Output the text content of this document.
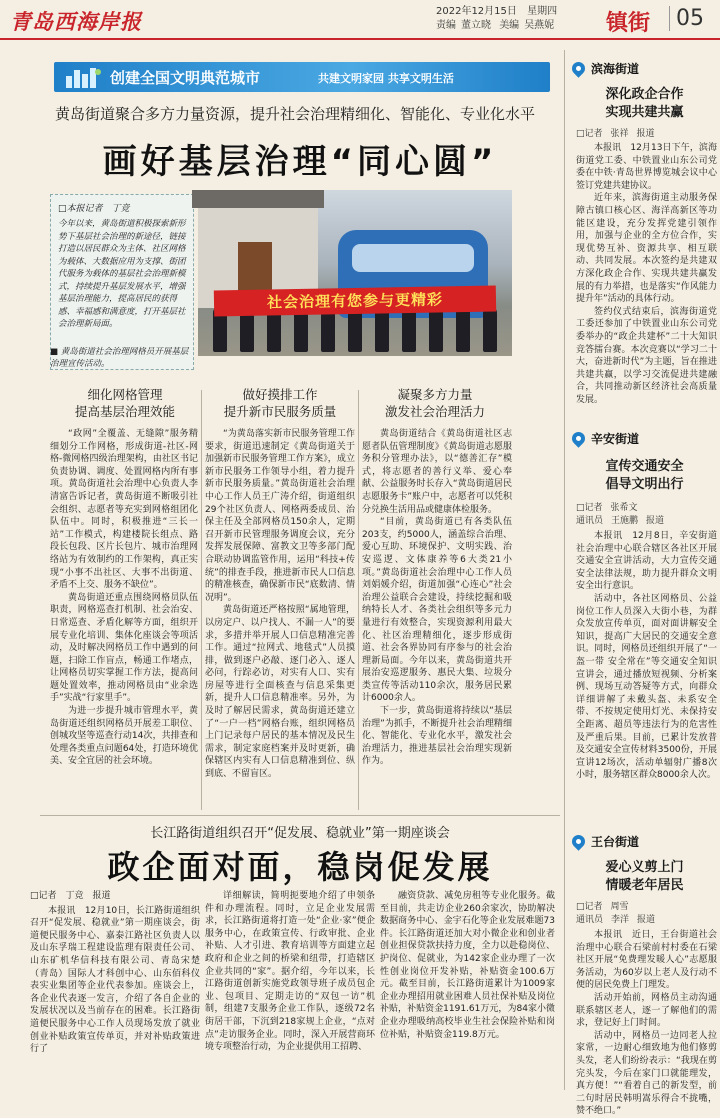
青岛西海岸报	2022年12月15日 星期四
责编 董立晓 美编 吴燕妮	镇街	05
创建全国文明典范城市	共建文明家园 共享文明生活
黄岛街道聚合多方力量资源，提升社会治理精细化、智能化、专业化水平
画好基层治理“同心圆”
□本报记者　丁竞
今年以来，黄岛街道积极探索新形势下基层社会治理的新途径，链接打造以居民群众为主体、社区网格为载体、大数据应用为支撑、街团代服务为载体的基层社会治理新模式，持续提升基层发展水平，增强基层治理能力，提高居民的获得感、幸福感和满意度，打开基层社会治理新局面。
社会治理有您参与更精彩
■ 黄岛街道社会治理网格员开展基层治理宣传活动。
细化网格管理
提高基层治理效能
做好摸排工作
提升新市民服务质量
凝聚多方力量
激发社会治理活力

“政网”全覆盖、无缝隙”服务精细划分工作网格，形成街道-社区-网格-微网格四级治理架构，由社区书记负责协调、调度、处置网格内所有事项。黄岛街道社会治理中心负责人李清富告诉记者，黄岛街道不断吸引社会组织、志愿者等充实到网格组团化队伍中。同时，积极推进“三长一站”工作模式，构建楼院长组点、路段长包段、区片长包片、城市治理网络站为有效制约的工作架构，真正实现“小事不出社区、大事不出街道、矛盾不上交、服务不缺位”。

黄岛街道还重点围绕网格员队伍职责，网格巡查打机制、社会治安、日常巡查、矛盾化解等方面，组织开展专业化培训、集体化座谈会等项活动，及时解决网格员工作中遇到的问题，扫除工作盲点，畅通工作堵点，让网格员切实掌握工作方法，提高问题处置效率，推动网格员由“业余选手”实战“行家里手”。

为进一步提升城市管理水平，黄岛街道还组织网格员开展差工职位、创城攻坚等巡查行动14次，共排查和处理各类重点问题64处，打造环境优美、安全宜居的社会环境。

“为黄岛落实新市民服务管理工作要求，街道迅速制定《黄岛街道关于加强新市民服务管理工作方案》，成立新市民服务工作领导小组，着力提升新市民服务质量。”黄岛街道社会治理中心工作人员王广涛介绍，街道组织29个社区负责人、网格两委成员、治保主任及全部网格员150余人，定期召开新市民管理服务调度会议，充分发挥发展保障、富教文卫等多部门配合联动协调监管作用，运用“科技+传统”的排查手段，推进新市民人口信息的精准核查，确保新市民“底数清、情况明”。

黄岛街道还严格按照“属地管理，以房定户、以户找人、不漏一人”的要求，多措并举开展人口信息精准完善工作。通过“拉网式、地毯式”人员摸排，做到逐户必敲、逐门必入、逐人必问，行踪必访，对实有人口、实有房屋等进行全面核查与信息采集更新，提升人口信息精准率。另外，为及时了解居民需求，黄岛街道还建立了“一户一档”网格台账，组织网格员上门记录每户居民的基本情况及民生需求，制定家庭档案并及时更新，确保辖区内实有人口信息精准到位、纵到底、不留盲区。

黄岛街道结合《黄岛街道社区志愿者队伍管理制度》《黄岛街道志愿服务积分管理办法》，以“德善汇存”模式，将志愿者的善行义举、爱心奉献、公益服务时长存入“黄岛街道居民志愿服务卡”账户中，志愿者可以凭积分兑换生活用品或健康体检服务。

“目前，黄岛街道已有各类队伍203支，约5000人，涵盖综合治理、爱心互助、环境保护、文明实践、治安巡逻、文体康养等6大类21小项。”黄岛街道社会治理中心工作人员刘娟媛介绍，街道加强“心连心”社会治理公益联合会建设，持续挖掘和吸纳特长人才、各类社会组织等多元力量进行有效整合，实现资源利用最大化、社区治理精细化，逐步形成街道、社会各界协同有序参与的社会治理新局面。今年以来，黄岛街道共开展治安巡逻服务、惠民大集、垃圾分类宣传等活动110余次，服务居民累计6000余人。

下一步，黄岛街道将持续以“基层治理”为抓手，不断提升社会治理精细化、智能化、专业化水平，激发社会治理活力，推进基层社会治理实现新作为。

长江路街道组织召开“促发展、稳就业”第一期座谈会
政企面对面，稳岗促发展
□记者　丁竞　报道

本报讯　12月10日，长江路街道组织召开“促发展、稳就业”第一期座谈会，街道便民服务中心、嘉泰江路社区负责人以及山东孚瑞工程建设监理有限责任公司、山东矿机华信科技有限公司、青岛宋楚（青岛）国际人才科创中心、山东佰科仪表实业集团等企业代表参加。座谈会上，各企业代表逐一发言，介绍了各自企业的发展状况以及当前存在的困难。长江路街道便民服务中心工作人员现场发放了就业创业补贴政策宣传单页，并对补贴政策进行了

详细解读，简明扼要地介绍了申领条件和办理流程。同时，立足企业发展需求，长江路街道将打造一处“企业·家”便企服务中心，在政策宣传、行政审批、企业补贴、人才引进、教育培训等方面建立起政府和企业之间的桥梁和纽带，打造辖区企业共同的“家”。据介绍，今年以来，长江路街道创新实施党政领导班子成员包企业、包项目、定期走访的“双包一访”机制，组建7支服务企业工作队，逐级72名街居干部，下沉到218家规上企业，“点对点”走访服务企业。同时，深入开展营商环境专项整治行动，为企业提供用工招聘、

融资贷款、减免房租等专业化服务。截至目前，共走访企业260余家次，协助解决数据商务中心、金宇石化等企业发展难题73件。长江路街道还加大对小微企业和创业者创业担保贷款扶持力度，全力以赴稳岗位、护岗位、促就业，为142家企业办理了一次性创业岗位开发补贴，补贴资金100.6万元。截至目前，长江路街道累计为1009家企业办理招用就业困难人员社保补贴及岗位补贴，补贴资金1191.61万元，为84家小微企业办理吸纳高校毕业生社会保险补贴和岗位补贴，补贴资金119.8万元。

滨海街道
深化政企合作
实现共建共赢
□记者 张祥 报道

本报讯　12月13日下午，滨海街道党工委、中铁置业山东公司党委在中铁·青岛世界博览城会议中心签订党建共建协议。

近年来，滨海街道主动服务保障古镇口核心区、海洋高新区等功能区建设，充分发挥党建引领作用，加强与企业的全方位合作，实现优势互补、资源共享、相互联动、共同发展。本次签约是共建双方深化政企合作、实现共建共赢发展的有力举措，也是落实“作风能力提升年”活动的具体行动。

签约仪式结束后，滨海街道党工委还参加了中铁置业山东公司党委举办的“政企共建杯”二十大知识竞答擂台赛。本次竞赛以“学习二十大，奋进新时代”为主题，旨在推进共建共赢，以学习交流促进共建融合，共同推动新区经济社会高质量发展。

辛安街道
宣传交通安全
倡导文明出行
□记者 张希文
通讯员 王施鹏 报道

本报讯　12月8日，辛安街道社会治理中心联合辖区各社区开展交通安全宣讲活动，大力宣传交通安全法律法规，助力提升群众文明安全出行意识。

活动中，各社区网格员、公益岗位工作人员深入大街小巷，为群众发放宣传单页，面对面讲解安全知识，提高广大居民的交通安全意识。同时，网格员还组织开展了“一盔一带 安全常在”等交通安全知识宣讲会，通过播放短视频、分析案例、现场互动答疑等方式，向群众详细讲解了未戴头盔、未系安全带、不按规定使用灯光、未保持安全距离、超员等违法行为的危害性及严重后果。目前，已累计发放普及交通安全宣传材料3500份，开展宣讲12场次，活动单辐射广播8次小时，服务辖区群众8000余人次。

王台街道
爱心义剪上门
情暖老年居民
□记者 周雪
通讯员 李洋 报道

本报讯　近日，王台街道社会治理中心联合石梁前村村委在石梁社区开展“免费理发暖人心”志愿服务活动，为60岁以上老人及行动不便的居民免费上门理发。

活动开始前，网格员主动沟通联系辖区老人，逐一了解他们的需求，登记好上门时间。

活动中，网格员一边同老人拉家常，一边耐心细致地为他们修剪头发，老人们纷纷表示：“我现在剪完头发，今后在家门口就能理发，真方便！”“看着自己的新发型，前二句时居民韩明嵩乐得合不拢嘴，赞不绝口。”
